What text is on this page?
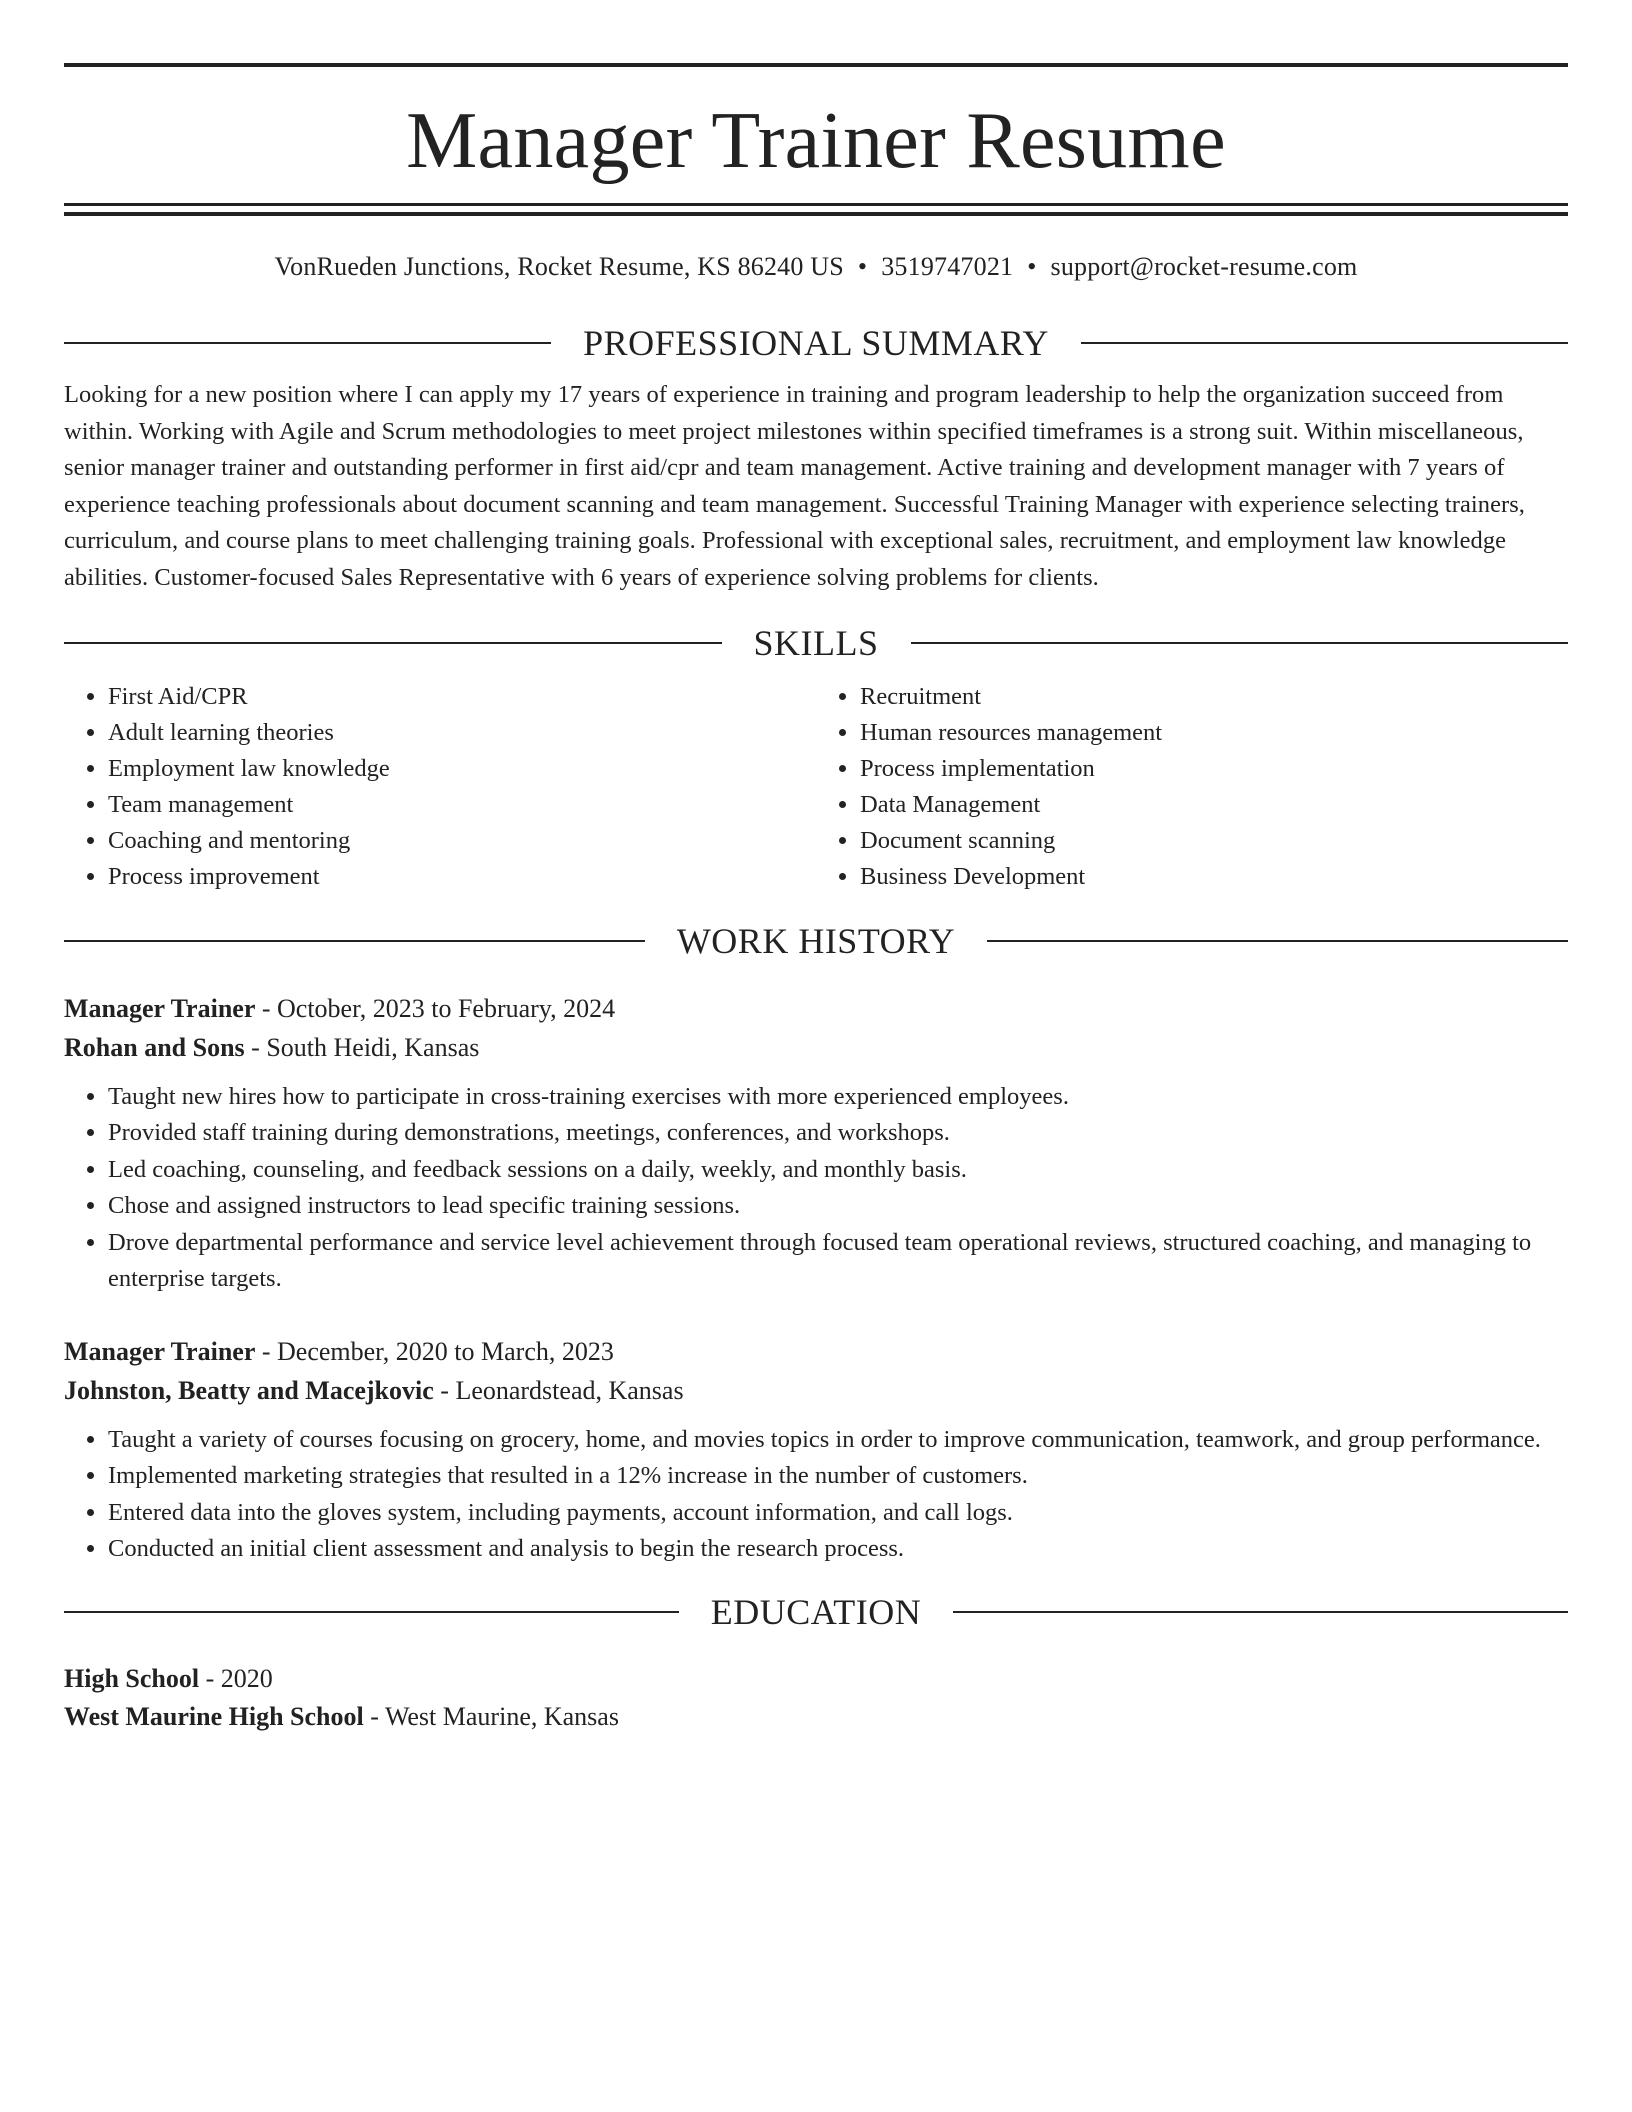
Manager Trainer Resume
VonRueden Junctions, Rocket Resume, KS 86240 US • 3519747021 • support@rocket-resume.com
PROFESSIONAL SUMMARY

Looking for a new position where I can apply my 17 years of experience in training and program leadership to help the organization succeed from within. Working with Agile and Scrum methodologies to meet project milestones within specified timeframes is a strong suit. Within miscellaneous, senior manager trainer and outstanding performer in first aid/cpr and team management. Active training and development manager with 7 years of experience teaching professionals about document scanning and team management. Successful Training Manager with experience selecting trainers, curriculum, and course plans to meet challenging training goals. Professional with exceptional sales, recruitment, and employment law knowledge abilities. Customer-focused Sales Representative with 6 years of experience solving problems for clients.

SKILLS
• First Aid/CPR
• Adult learning theories
• Employment law knowledge
• Team management
• Coaching and mentoring
• Process improvement
• Recruitment
• Human resources management
• Process implementation
• Data Management
• Document scanning
• Business Development
WORK HISTORY
Manager Trainer - October, 2023 to February, 2024
Rohan and Sons - South Heidi, Kansas
• Taught new hires how to participate in cross-training exercises with more experienced employees.
• Provided staff training during demonstrations, meetings, conferences, and workshops.
• Led coaching, counseling, and feedback sessions on a daily, weekly, and monthly basis.
• Chose and assigned instructors to lead specific training sessions.
• Drove departmental performance and service level achievement through focused team operational reviews, structured coaching, and managing to enterprise targets.
Manager Trainer - December, 2020 to March, 2023
Johnston, Beatty and Macejkovic - Leonardstead, Kansas
• Taught a variety of courses focusing on grocery, home, and movies topics in order to improve communication, teamwork, and group performance.
• Implemented marketing strategies that resulted in a 12% increase in the number of customers.
• Entered data into the gloves system, including payments, account information, and call logs.
• Conducted an initial client assessment and analysis to begin the research process.
EDUCATION
High School - 2020
West Maurine High School - West Maurine, Kansas
